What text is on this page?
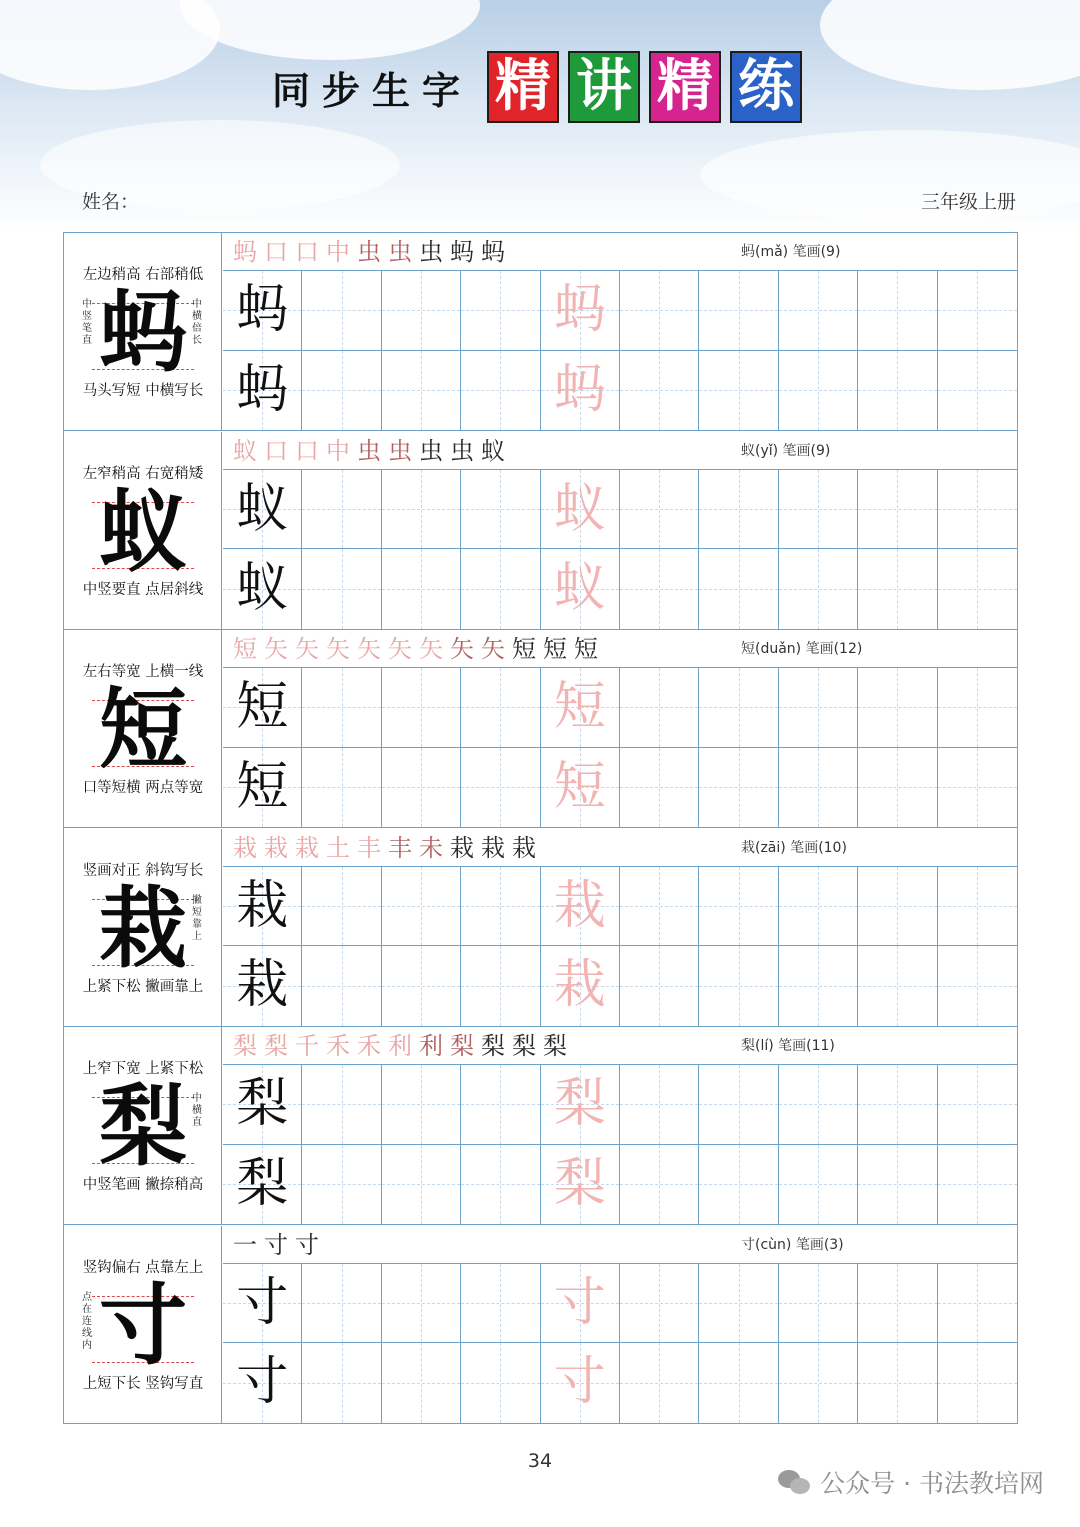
同步生字 精 讲 精 练
姓名：	三年级上册
左边稍高 右部稍低
蚂
中竖笔直
中横倍长
马头写短 中横写长
蚂 口 口 中 虫 虫 虫 蚂 蚂	蚂(mǎ) 笔画(9)
蚂	蚂
蚂	蚂
左窄稍高 右宽稍矮
蚁
中竖要直 点居斜线
蚁 口 口 中 虫 虫 虫 虫 蚁	蚁(yǐ) 笔画(9)
蚁	蚁
蚁	蚁
左右等宽 上横一线
短
口等短横 两点等宽
短 矢 矢 矢 矢 矢 矢 矢 矢 短 短 短	短(duǎn) 笔画(12)
短	短
短	短
竖画对正 斜钩写长
栽 撇短靠上
上紧下松 撇画靠上
栽 栽 栽 土 丰 丰 未 栽 栽 栽	栽(zāi) 笔画(10)
栽	栽
栽	栽
上窄下宽 上紧下松
梨 中横直
中竖笔画 撇捺稍高
梨 梨 千 禾 禾 利 利 梨 梨 梨 梨	梨(lí) 笔画(11)
梨	梨
梨	梨
竖钩偏右 点靠左上
寸
点在连线内
上短下长 竖钩写直
一 寸 寸	寸(cùn) 笔画(3)
寸	寸
寸	寸
34
公众号 · 书法教培网
